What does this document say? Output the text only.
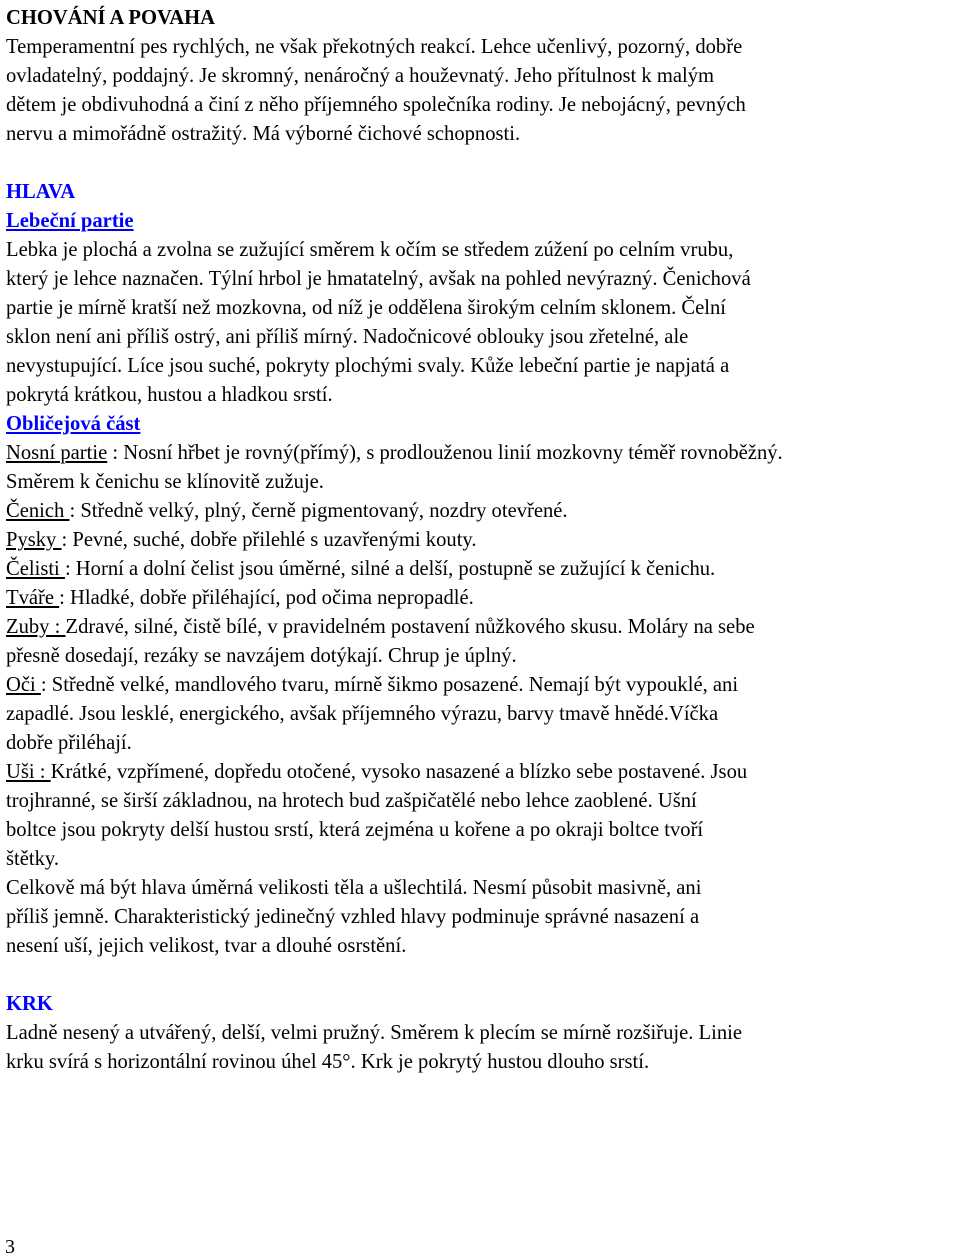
CHOVÁNÍ A POVAHA
Temperamentní pes rychlých, ne však překotných reakcí. Lehce učenlivý, pozorný, dobře
ovladatelný, poddajný. Je skromný, nenáročný a houževnatý. Jeho přítulnost k malým
dětem je obdivuhodná a činí z něho příjemného společníka rodiny. Je nebojácný, pevných
nervu a mimořádně ostražitý. Má výborné čichové schopnosti.
HLAVA
Lebeční partie
Lebka je plochá a zvolna se zužující směrem k očím se středem zúžení po celním vrubu,
který je lehce naznačen. Týlní hrbol je hmatatelný, avšak na pohled nevýrazný. Čenichová
partie je mírně kratší než mozkovna, od níž je oddělena širokým celním sklonem. Čelní
sklon není ani příliš ostrý, ani příliš mírný. Nadočnicové oblouky jsou zřetelné, ale
nevystupující. Líce jsou suché, pokryty plochými svaly. Kůže lebeční partie je napjatá a
pokrytá krátkou, hustou a hladkou srstí.
Obličejová část
Nosní partie : Nosní hřbet je rovný(přímý), s prodlouženou linií mozkovny téměř rovnoběžný.
Směrem k čenichu se klínovitě zužuje.
Čenich : Středně velký, plný, černě pigmentovaný, nozdry otevřené.
Pysky : Pevné, suché, dobře přilehlé s uzavřenými kouty.
Čelisti : Horní a dolní čelist jsou úměrné, silné a delší, postupně se zužující k čenichu.
Tváře : Hladké, dobře přiléhající, pod očima nepropadlé.
Zuby : Zdravé, silné, čistě bílé, v pravidelném postavení nůžkového skusu. Moláry na sebe
přesně dosedají, rezáky se navzájem dotýkají. Chrup je úplný.
Oči : Středně velké, mandlového tvaru, mírně šikmo posazené. Nemají být vypouklé, ani
zapadlé. Jsou lesklé, energického, avšak příjemného výrazu, barvy tmavě hnědé.Víčka
dobře přiléhají.
Uši : Krátké, vzpřímené, dopředu otočené, vysoko nasazené a blízko sebe postavené. Jsou
trojhranné, se širší základnou, na hrotech bud zašpičatělé nebo lehce zaoblené. Ušní
boltce jsou pokryty delší hustou srstí, která zejména u kořene a po okraji boltce tvoří
štětky.
Celkově má být hlava úměrná velikosti těla a ušlechtilá. Nesmí působit masivně, ani
příliš jemně. Charakteristický jedinečný vzhled hlavy podminuje správné nasazení a
nesení uší, jejich velikost, tvar a dlouhé osrstění.
KRK
Ladně nesený a utvářený, delší, velmi pružný. Směrem k plecím se mírně rozšiřuje. Linie
krku svírá s horizontální rovinou úhel 45°. Krk je pokrytý hustou dlouho srstí.
3
